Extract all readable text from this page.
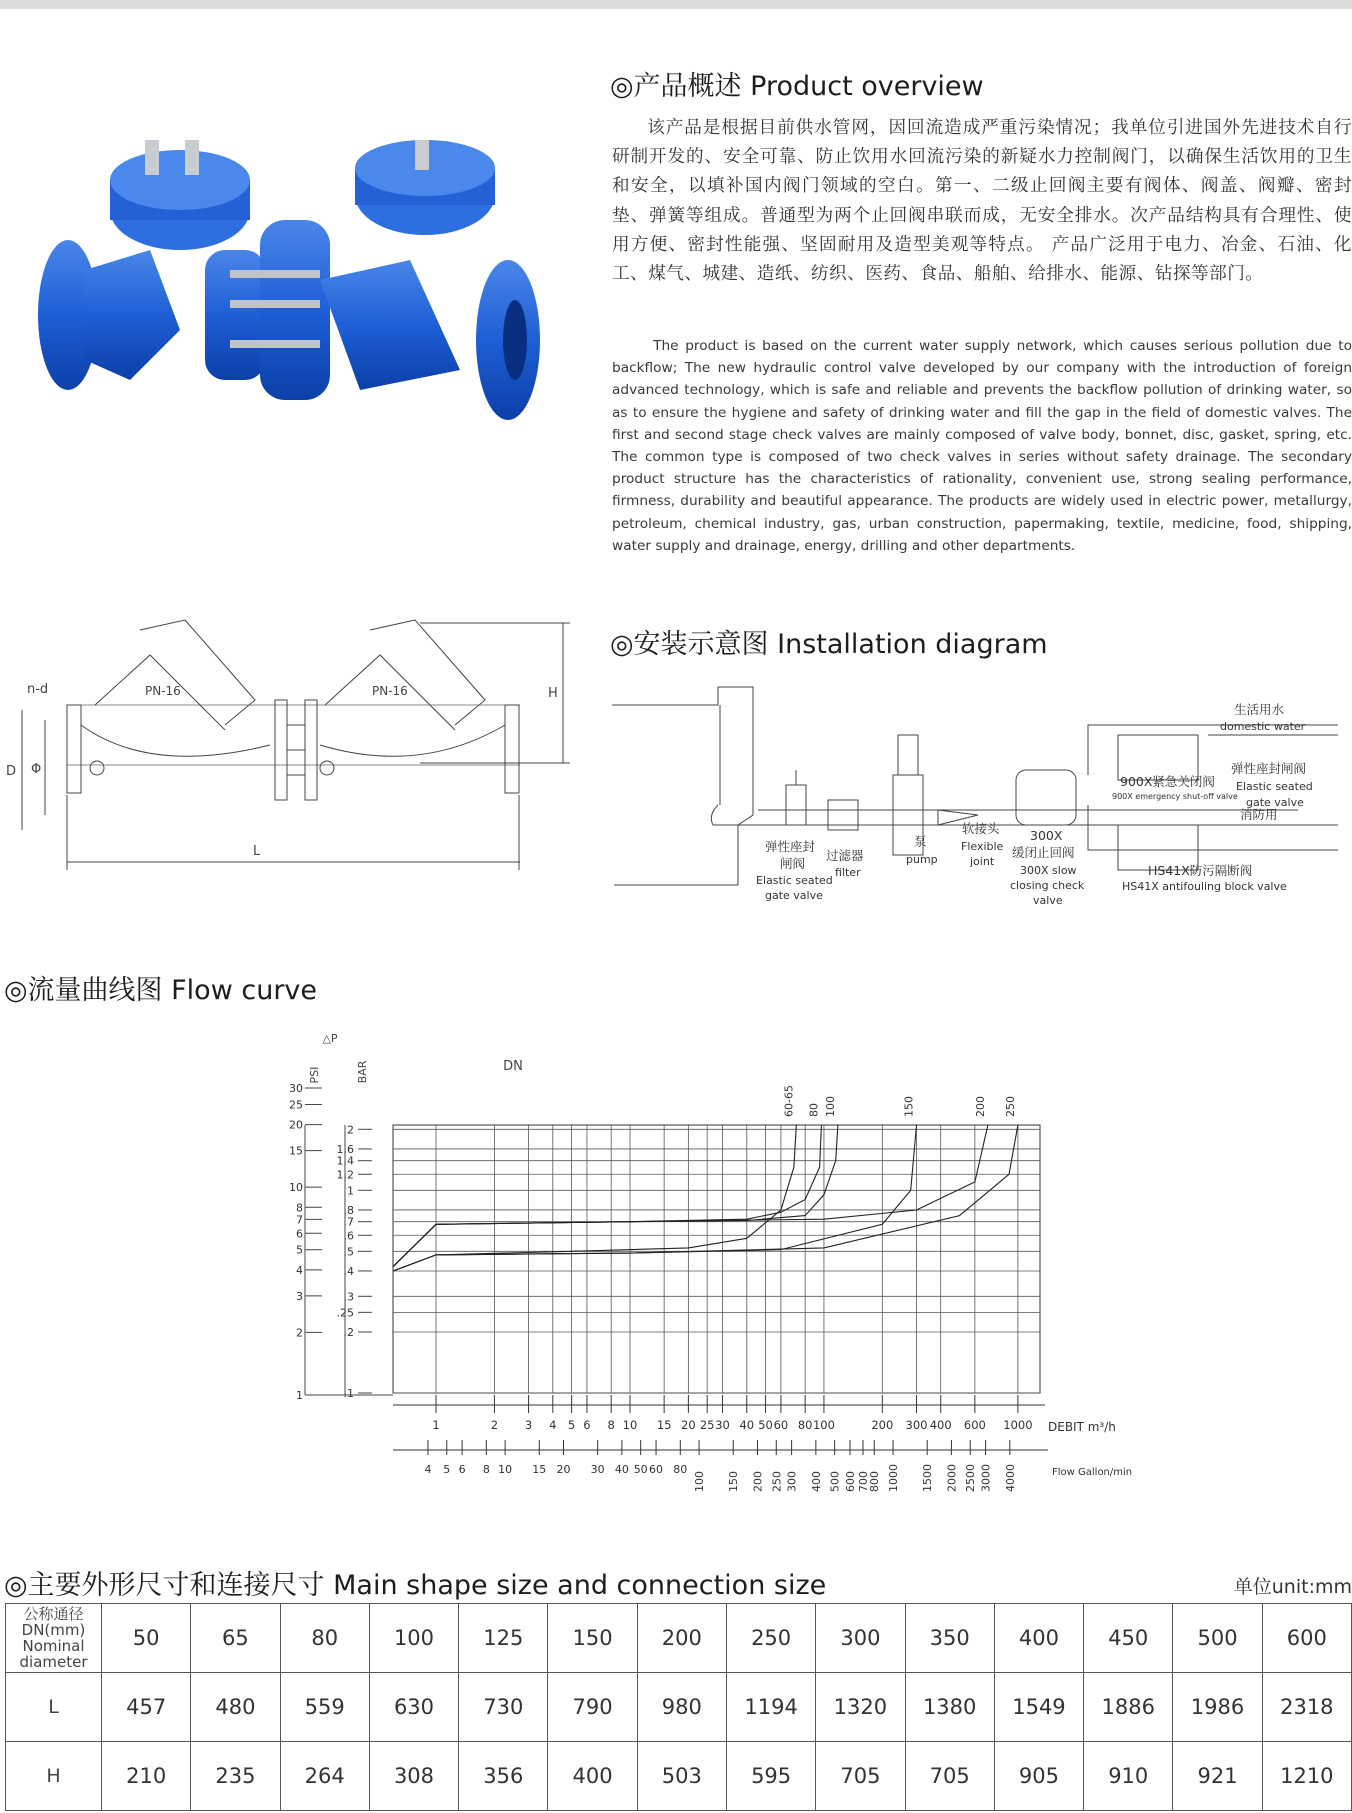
◎产品概述 Product overview
该产品是根据目前供水管网，因回流造成严重污染情况；我单位引进国外先进技术自行研制开发的、安全可靠、防止饮用水回流污染的新疑水力控制阀门，以确保生活饮用的卫生和安全，以填补国内阀门领域的空白。第一、二级止回阀主要有阀体、阀盖、阀瓣、密封垫、弹簧等组成。普通型为两个止回阀串联而成，无安全排水。次产品结构具有合理性、使用方便、密封性能强、坚固耐用及造型美观等特点。 产品广泛用于电力、冶金、石油、化工、煤气、城建、造纸、纺织、医药、食品、船舶、给排水、能源、钻探等部门。
The product is based on the current water supply network, which causes serious pollution due to backflow; The new hydraulic control valve developed by our company with the introduction of foreign advanced technology, which is safe and reliable and prevents the backflow pollution of drinking water, so as to ensure the hygiene and safety of drinking water and fill the gap in the field of domestic valves. The first and second stage check valves are mainly composed of valve body, bonnet, disc, gasket, spring, etc. The common type is composed of two check valves in series without safety drainage. The secondary product structure has the characteristics of rationality, convenient use, strong sealing performance, firmness, durability and beautiful appearance. The products are widely used in electric power, metallurgy, petroleum, chemical industry, gas, urban construction, papermaking, textile, medicine, food, shipping, water supply and drainage, energy, drilling and other departments.
n-d
D Φ
L
H
PN-16	PN-16
◎安装示意图 Installation diagram
生活用水
domestic water
弹性座封闸阀
Elastic seated
gate valve
消防用
900X紧急关闭阀
900X emergency shut-off valve
HS41X防污隔断阀
HS41X antifouling block valve
弹性座封
闸阀
Elastic seated
gate valve
过滤器
filter
泵
pump
软接头
Flexible
joint
300X
缓闭止回阀
300X slow
closing check
valve
◎流量曲线图 Flow curve
2
1.6
1.4
1.2
1
.8
.7
.6
.5
.4
.3
.25
.2
.1
30
25
20
15
10
8
7
6
5
4
3
2
1
1	2 3 4 5 6 8 10 15 20 25 30 40 50 60 80 100	200 300 400 600 1000
4 5 6 8 10 15 20 30 40 50 60 80
100 150 200 250 300 400 500 600 700
800 1000 1500 2000 2500 3000 4000
60-65 80 100	150	200 250
△P
PSI	BAR	DN
DEBIT m³/h
Flow Gallon/min
◎主要外形尺寸和连接尺寸 Main shape size and connection size	单位unit:mm
公称通径
DN(mm)
Nominal
diameter	50	65	80	100	125	150	200	250	300	350	400	450	500	600
L	457	480	559	630	730	790	980	1194	1320	1380	1549	1886	1986	2318
H	210	235	264	308	356	400	503	595	705	705	905	910	921	1210
